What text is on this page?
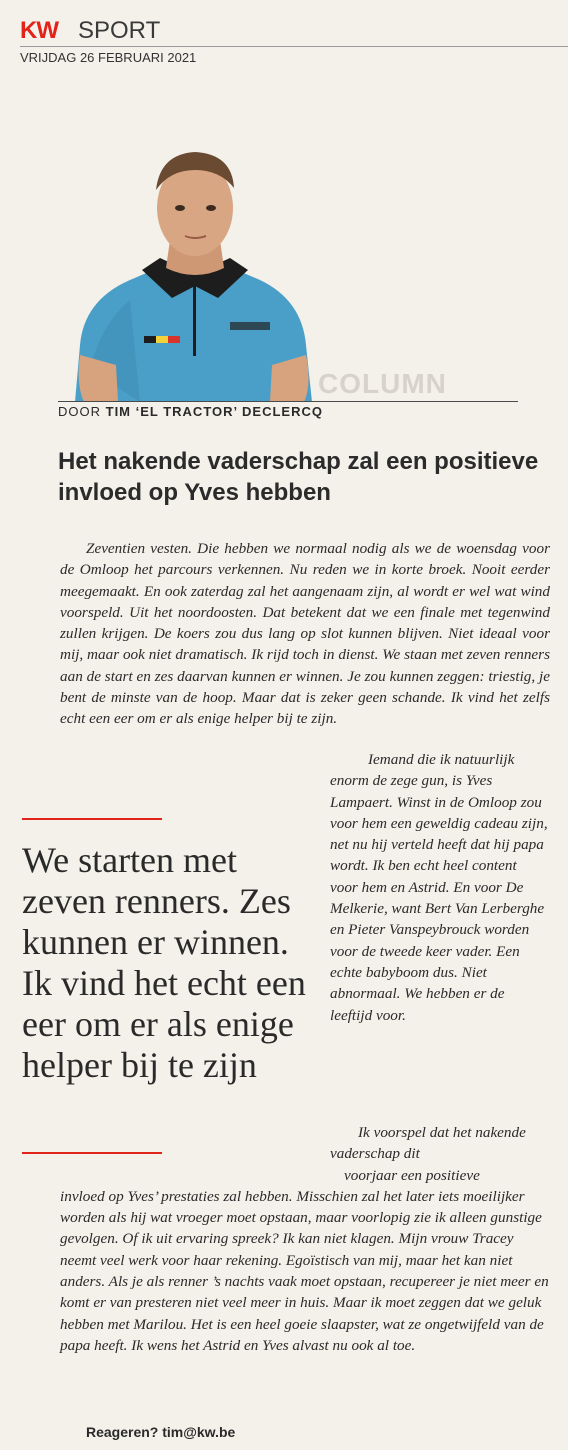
KW SPORT
VRIJDAG 26 FEBRUARI 2021
COLUMN
DOOR TIM ‘EL TRACTOR’ DECLERCQ
Het nakende vaderschap zal een positieve invloed op Yves hebben

Zeventien vesten. Die hebben we normaal nodig als we de woensdag voor de Omloop het parcours verkennen. Nu reden we in korte broek. Nooit eerder meegemaakt. En ook zaterdag zal het aangenaam zijn, al wordt er wel wat wind voorspeld. Uit het noordoosten. Dat betekent dat we een finale met tegenwind zullen krijgen. De koers zou dus lang op slot kunnen blijven. Niet ideaal voor mij, maar ook niet dramatisch. Ik rijd toch in dienst. We staan met zeven renners aan de start en zes daarvan kunnen er winnen. Je zou kunnen zeggen: triestig, je bent de minste van de hoop. Maar dat is zeker geen schande. Ik vind het zelfs echt een eer om er als enige helper bij te zijn.

We starten met zeven renners. Zes kunnen er winnen. Ik vind het echt een eer om er als enige helper bij te zijn

Iemand die ik natuurlijk enorm de zege gun, is Yves Lampaert. Winst in de Omloop zou voor hem een geweldig cadeau zijn, net nu hij verteld heeft dat hij papa wordt. Ik ben echt heel content voor hem en Astrid. En voor De Melkerie, want Bert Van Lerberghe en Pieter Vanspeybrouck worden voor de tweede keer vader. Een echte babyboom dus. Niet abnormaal. We hebben er de leeftijd voor.

Ik voorspel dat het nakende vaderschap dit
voorjaar een positieve
invloed op Yves’ prestaties zal hebben. Misschien zal het later iets moeilijker worden als hij wat vroeger moet opstaan, maar voorlopig zie ik alleen gunstige gevolgen. Of ik uit ervaring spreek? Ik kan niet klagen. Mijn vrouw Tracey neemt veel werk voor haar rekening. Egoïstisch van mij, maar het kan niet anders. Als je als renner ’s nachts vaak moet opstaan, recupereer je niet meer en komt er van presteren niet veel meer in huis. Maar ik moet zeggen dat we geluk hebben met Marilou. Het is een heel goeie slaapster, wat ze ongetwijfeld van de papa heeft. Ik wens het Astrid en Yves alvast nu ook al toe.

Reageren? tim@kw.be
